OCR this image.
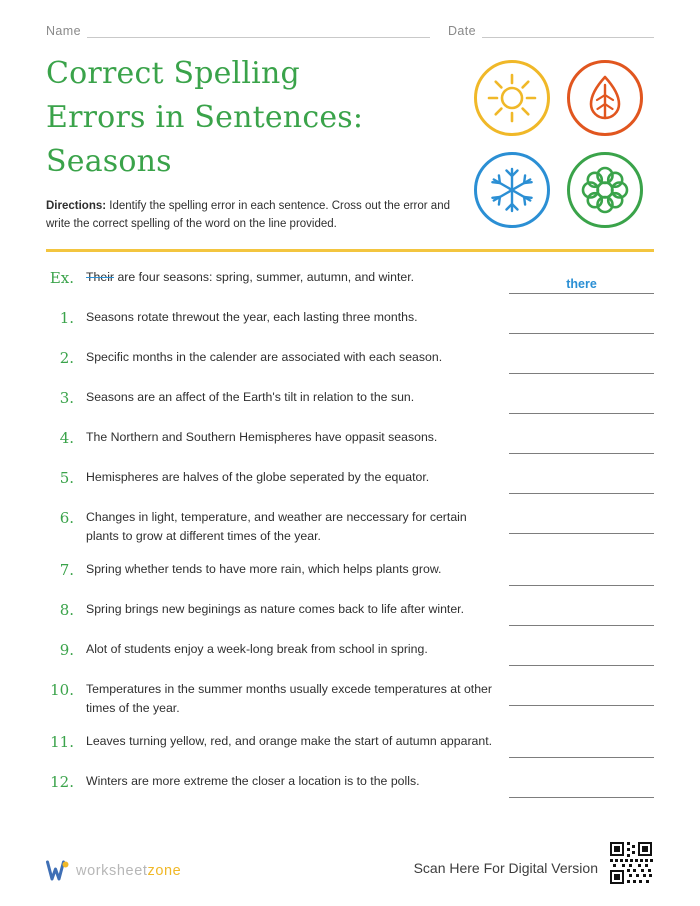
Name	Date
Correct Spelling
Errors in Sentences:
Seasons

Directions: Identify the spelling error in each sentence. Cross out the error and write the correct spelling of the word on the line provided.

Ex. Their are four seasons: spring, summer, autumn, and winter.	there
1. Seasons rotate threwout the year, each lasting three months.
2. Specific months in the calender are associated with each season.
3. Seasons are an affect of the Earth's tilt in relation to the sun.
4. The Northern and Southern Hemispheres have oppasit seasons.
5. Hemispheres are halves of the globe seperated by the equator.
6. Changes in light, temperature, and weather are neccessary for certain plants to grow at different times of the year.
7. Spring whether tends to have more rain, which helps plants grow.
8. Spring brings new beginings as nature comes back to life after winter.
9. Alot of students enjoy a week-long break from school in spring.
10. Temperatures in the summer months usually excede temperatures at other times of the year.
11. Leaves turning yellow, red, and orange make the start of autumn apparant.
12. Winters are more extreme the closer a location is to the polls.
worksheetzone	Scan Here For Digital Version
